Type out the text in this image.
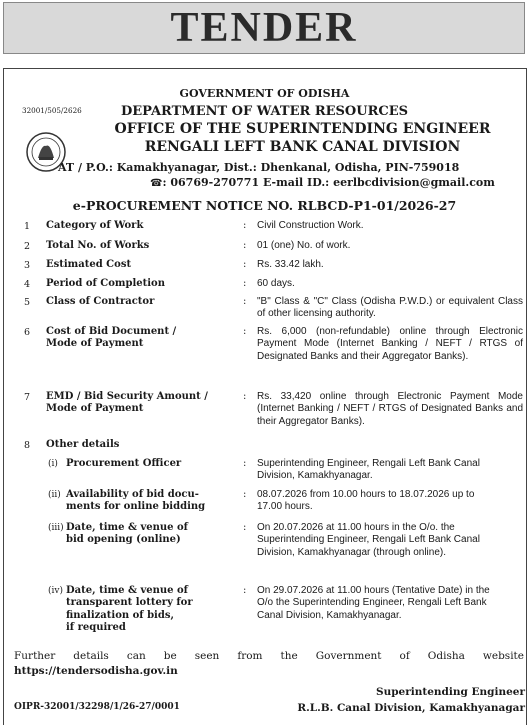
TENDER
32001/505/2626
GOVERNMENT OF ODISHA
DEPARTMENT OF WATER RESOURCES
OFFICE OF THE SUPERINTENDING ENGINEER
RENGALI LEFT BANK CANAL DIVISION
AT / P.O.: Kamakhyanagar, Dist.: Dhenkanal, Odisha, PIN-759018
☎: 06769-270771 E-mail ID.: eerlbcdivision@gmail.com
e-PROCUREMENT NOTICE NO. RLBCD-P1-01/2026-27
1 Category of Work	: Civil Construction Work.
2 Total No. of Works	: 01 (one) No. of work.
3 Estimated Cost	: Rs. 33.42 lakh.
4 Period of Completion	: 60 days.
5 Class of Contractor	: "B" Class & "C" Class (Odisha P.W.D.) or equivalent Class of other licensing authority.
6 Cost of Bid Document /
Mode of Payment
: Rs. 6,000 (non-refundable) online through Electronic Payment Mode (Internet Banking / NEFT / RTGS of Designated Banks and their Aggregator Banks).
7 EMD / Bid Security Amount /
Mode of Payment
: Rs. 33,420 online through Electronic Payment Mode (Internet Banking / NEFT / RTGS of Designated Banks and their Aggregator Banks).
8 Other details
(i) Procurement Officer	: Superintending Engineer, Rengali Left Bank Canal Division, Kamakhyanagar.
(ii) Availability of bid docu-
ments for online bidding
: 08.07.2026 from 10.00 hours to 18.07.2026 up to 17.00 hours.
(iii) Date, time & venue of
bid opening (online)
: On 20.07.2026 at 11.00 hours in the O/o. the Superintending Engineer, Rengali Left Bank Canal Division, Kamakhyanagar (through online).
(iv) Date, time & venue of
transparent lottery for
finalization of bids,
if required
: On 29.07.2026 at 11.00 hours (Tentative Date) in the O/o the Superintending Engineer, Rengali Left Bank Canal Division, Kamakhyanagar.
Further details can be seen from the Government of Odisha website
https://tendersodisha.gov.in
Superintending Engineer
OIPR-32001/32298/1/26-27/0001	R.L.B. Canal Division, Kamakhyanagar
